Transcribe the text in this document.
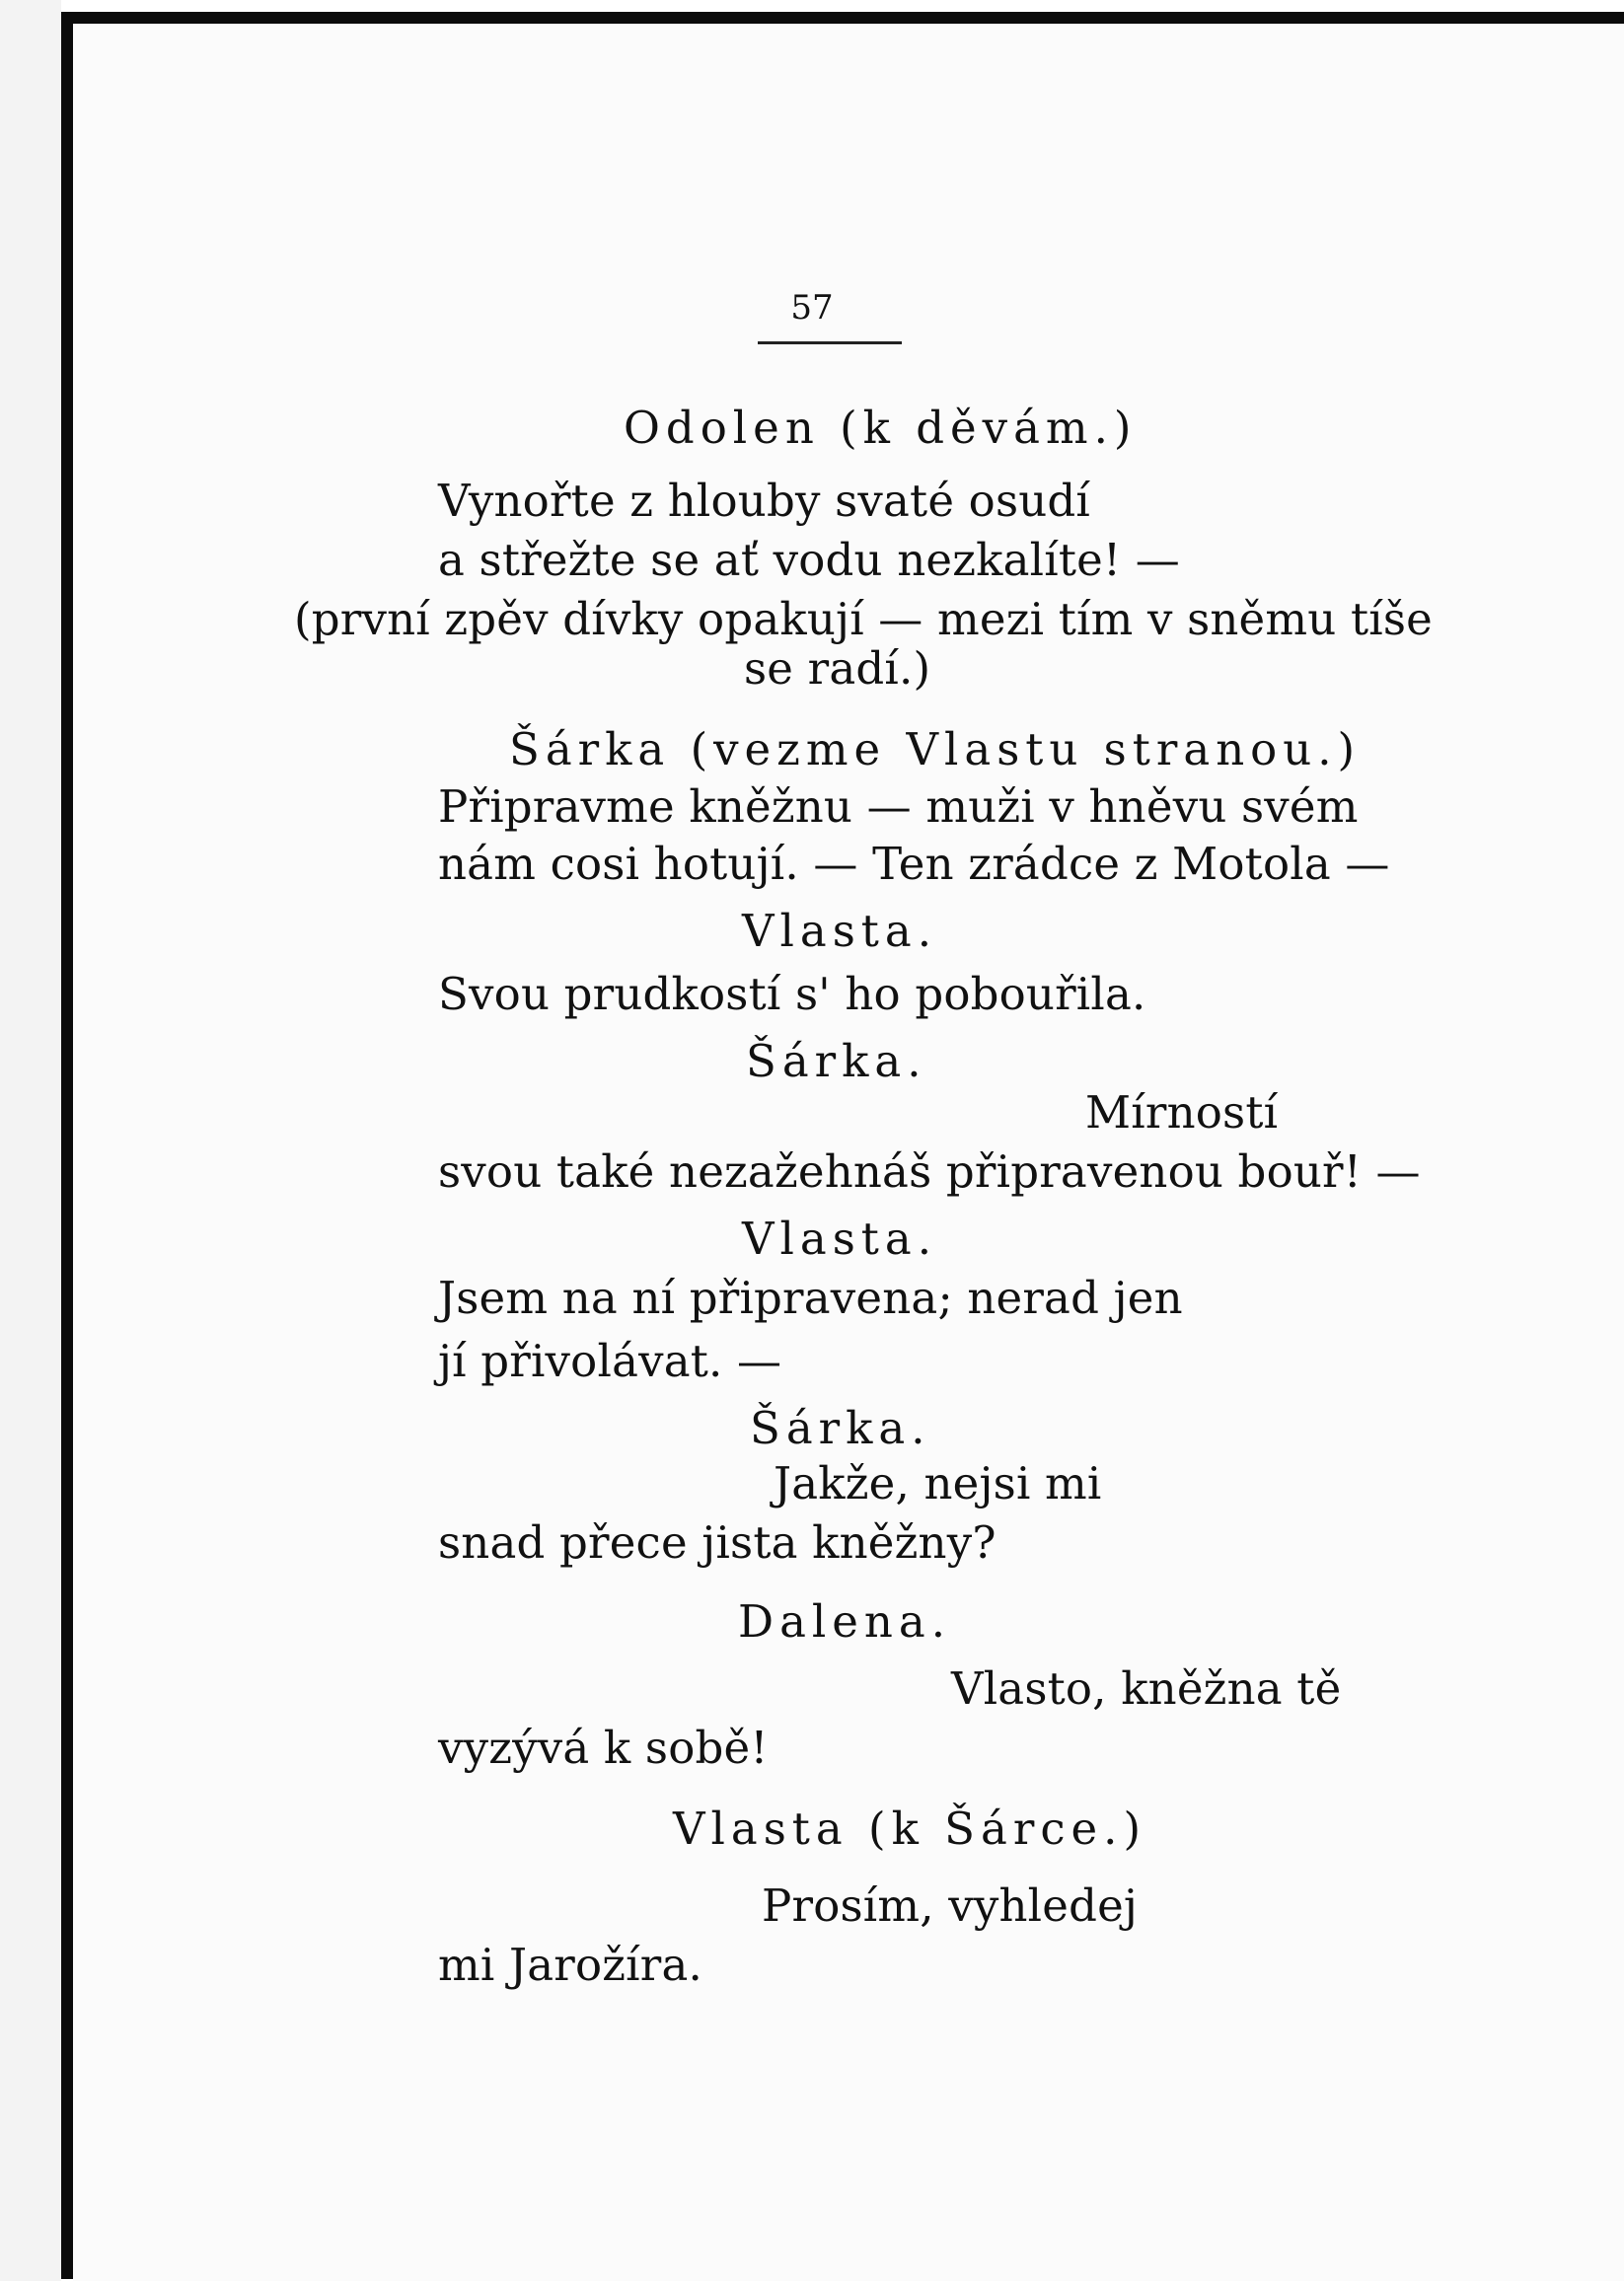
57
Odolen (k děvám.)
Vynořte z hlouby svaté osudí
a střežte se ať vodu nezkalíte! —
(první zpěv dívky opakují — mezi tím v sněmu tíše
se radí.)
Šárka (vezme Vlastu stranou.)
Připravme kněžnu — muži v hněvu svém
nám cosi hotují. — Ten zrádce z Motola —
Vlasta.
Svou prudkostí s' ho pobouřila.
Šárka.
Mírností
svou také nezažehnáš připravenou bouř! —
Vlasta.
Jsem na ní připravena; nerad jen
jí přivolávat. —
Šárka.
Jakže, nejsi mi
snad přece jista kněžny?
Dalena.
Vlasto, kněžna tě
vyzývá k sobě!
Vlasta (k Šárce.)
Prosím, vyhledej
mi Jarožíra.
